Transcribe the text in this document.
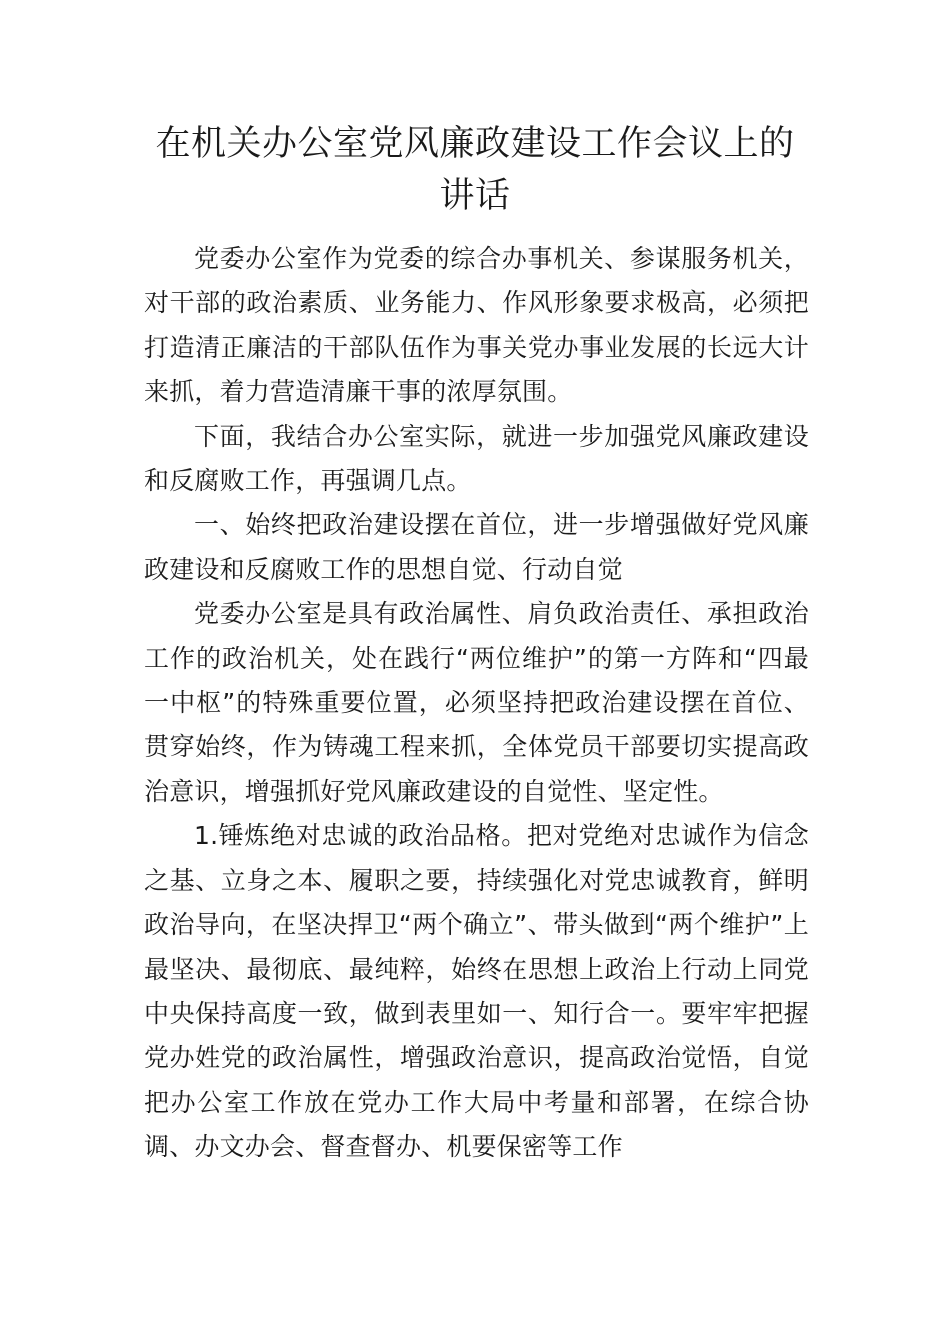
在机关办公室党风廉政建设工作会议上的
讲话

党委办公室作为党委的综合办事机关、参谋服务机关，对干部的政治素质、业务能力、作风形象要求极高，必须把打造清正廉洁的干部队伍作为事关党办事业发展的长远大计来抓，着力营造清廉干事的浓厚氛围。

下面，我结合办公室实际，就进一步加强党风廉政建设和反腐败工作，再强调几点。

一、始终把政治建设摆在首位，进一步增强做好党风廉政建设和反腐败工作的思想自觉、行动自觉

党委办公室是具有政治属性、肩负政治责任、承担政治工作的政治机关，处在践行“两位维护”的第一方阵和“四最一中枢”的特殊重要位置，必须坚持把政治建设摆在首位、贯穿始终，作为铸魂工程来抓，全体党员干部要切实提高政治意识，增强抓好党风廉政建设的自觉性、坚定性。

1.锤炼绝对忠诚的政治品格。把对党绝对忠诚作为信念之基、立身之本、履职之要，持续强化对党忠诚教育，鲜明政治导向，在坚决捍卫“两个确立”、带头做到“两个维护”上最坚决、最彻底、最纯粹，始终在思想上政治上行动上同党中央保持高度一致，做到表里如一、知行合一。要牢牢把握党办姓党的政治属性，增强政治意识，提高政治觉悟，自觉把办公室工作放在党办工作大局中考量和部署，在综合协调、办文办会、督查督办、机要保密等工作
